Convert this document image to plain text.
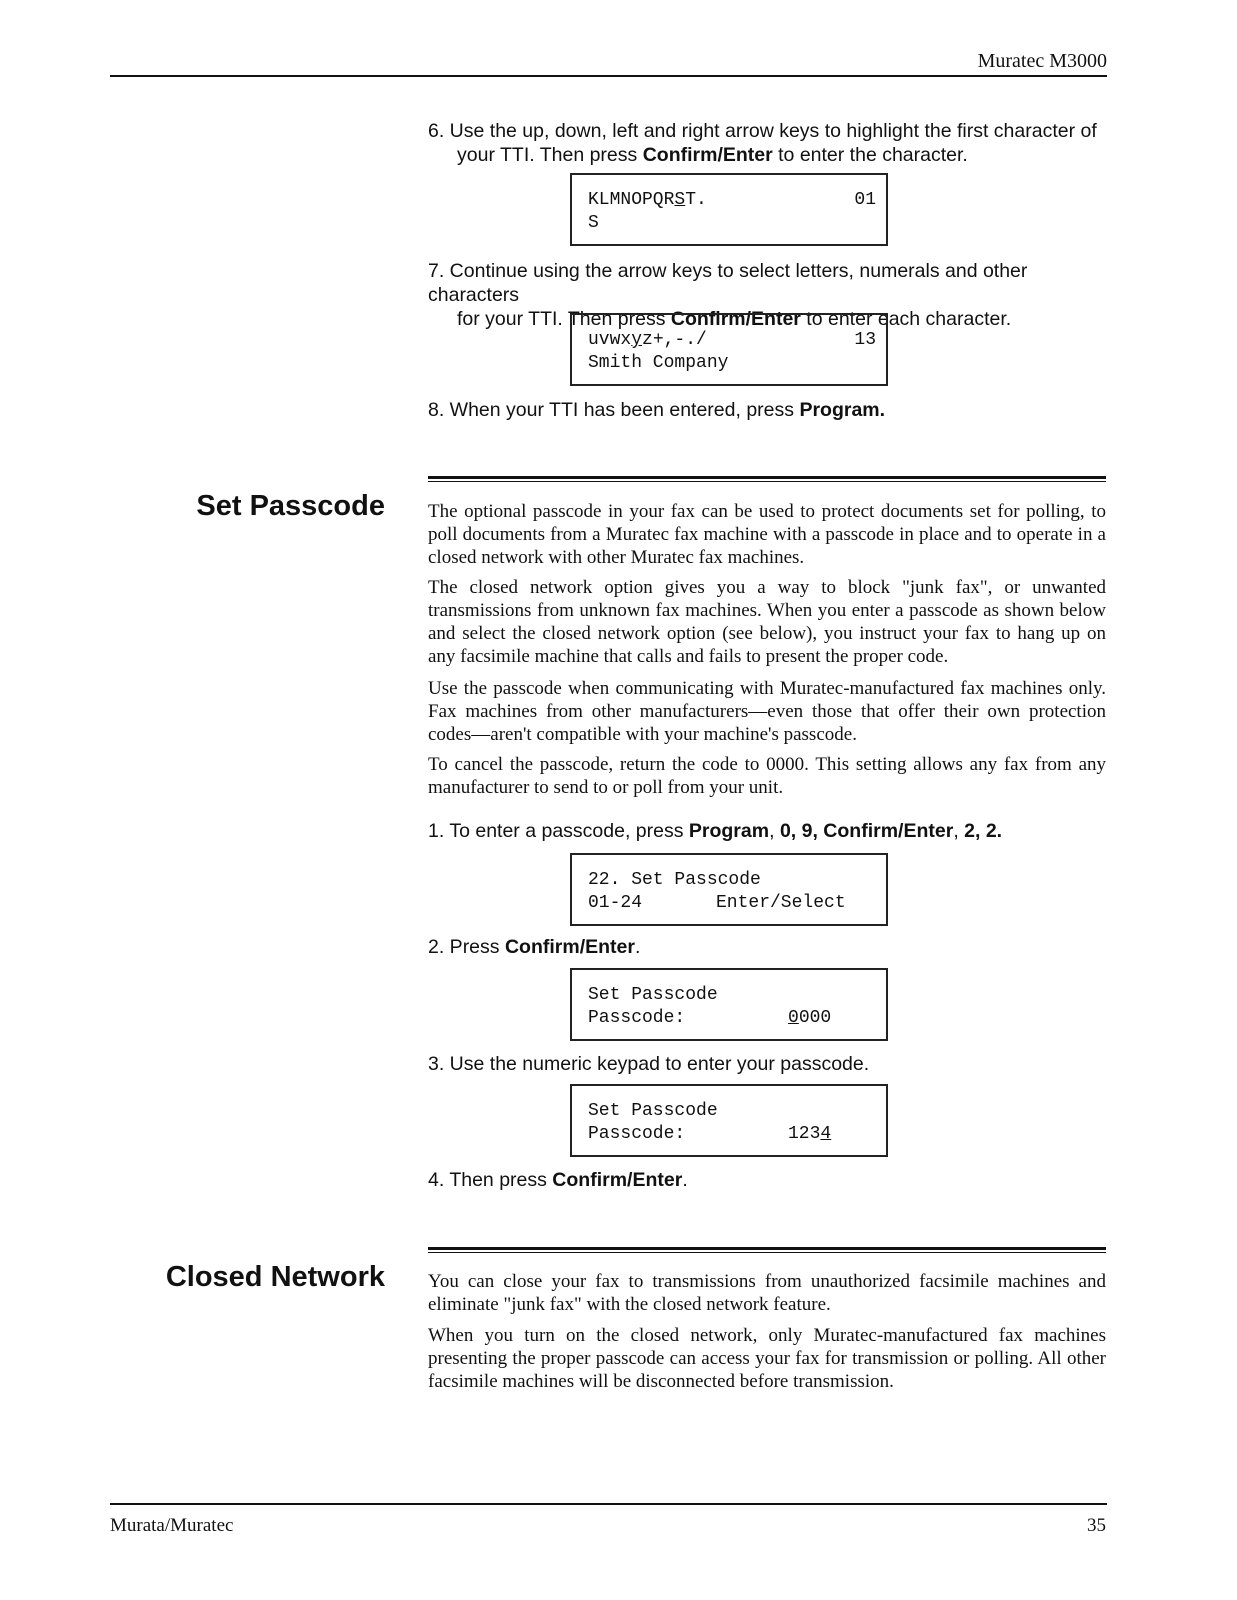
Muratec M3000
6. Use the up, down, left and right arrow keys to highlight the first character of
your TTI. Then press Confirm/Enter to enter the character.
KLMNOPQRST.	01
S
7. Continue using the arrow keys to select letters, numerals and other characters
for your TTI. Then press Confirm/Enter to enter each character.
uvwxyz+,-./	13
Smith Company
8. When your TTI has been entered, press Program.
Set Passcode The optional passcode in your fax can be used to protect documents set for polling, to poll documents from a Muratec fax machine with a passcode in place and to operate in a closed network with other Muratec fax machines.
The closed network option gives you a way to block "junk fax", or unwanted transmissions from unknown fax machines. When you enter a passcode as shown below and select the closed network option (see below), you instruct your fax to hang up on any facsimile machine that calls and fails to present the proper code.
Use the passcode when communicating with Muratec-manufactured fax machines only. Fax machines from other manufacturers—even those that offer their own protection codes—aren't compatible with your machine's passcode.
To cancel the passcode, return the code to 0000. This setting allows any fax from any manufacturer to send to or poll from your unit.
1. To enter a passcode, press Program, 0, 9, Confirm/Enter, 2, 2.
22. Set Passcode
01-24	Enter/Select
2. Press Confirm/Enter.
Set Passcode
Passcode:	0000
3. Use the numeric keypad to enter your passcode.
Set Passcode
Passcode:	1234
4. Then press Confirm/Enter.
Closed Network You can close your fax to transmissions from unauthorized facsimile machines and eliminate "junk fax" with the closed network feature.
When you turn on the closed network, only Muratec-manufactured fax machines presenting the proper passcode can access your fax for transmission or polling. All other facsimile machines will be disconnected before transmission.
Murata/Muratec	35
